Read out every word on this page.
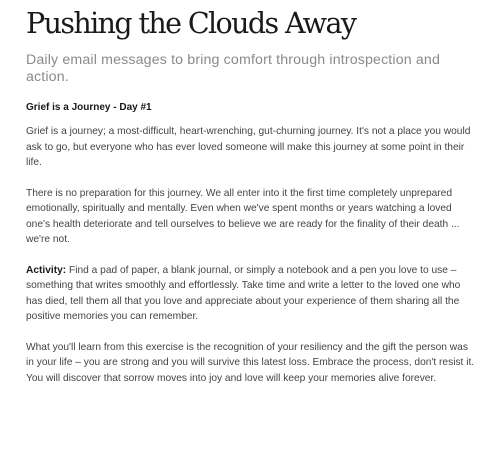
Pushing the Clouds Away
Daily email messages to bring comfort through introspection and action.
Grief is a Journey - Day #1

Grief is a journey; a most-difficult, heart-wrenching, gut-churning journey. It's not a place you would ask to go, but everyone who has ever loved someone will make this journey at some point in their life.

There is no preparation for this journey. We all enter into it the first time completely unprepared emotionally, spiritually and mentally. Even when we've spent months or years watching a loved one's health deteriorate and tell ourselves to believe we are ready for the finality of their death ... we're not.

Activity: Find a pad of paper, a blank journal, or simply a notebook and a pen you love to use – something that writes smoothly and effortlessly. Take time and write a letter to the loved one who has died, tell them all that you love and appreciate about your experience of them sharing all the positive memories you can remember.

What you'll learn from this exercise is the recognition of your resiliency and the gift the person was in your life – you are strong and you will survive this latest loss. Embrace the process, don't resist it. You will discover that sorrow moves into joy and love will keep your memories alive forever.
